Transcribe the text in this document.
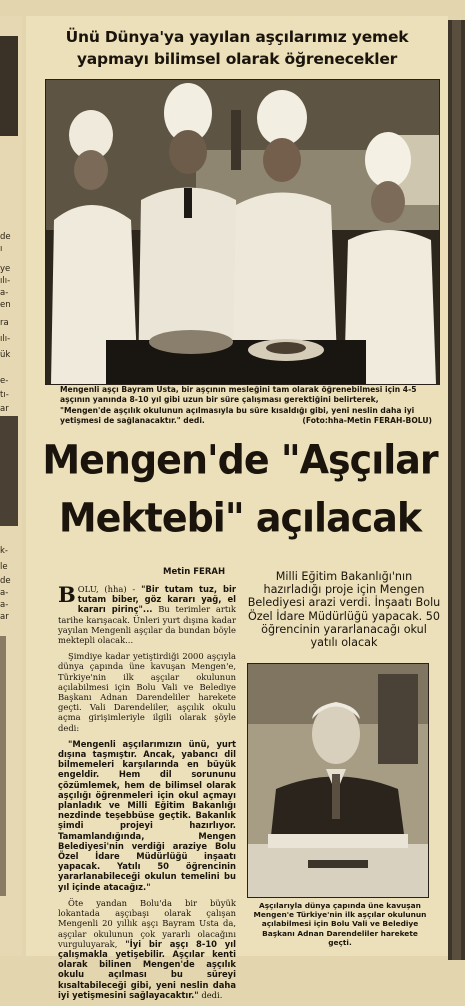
de
ı
ye
ılı-
a-
en
ra
ılı-
ük
e-
tı-
ar
k-
le
de
a-
a-
ar
Ünü Dünya'ya yayılan aşçılarımız yemek
yapmayı bilimsel olarak öğrenecekler
Mengenli aşçı Bayram Usta, bir aşçının mesleğini tam olarak öğrenebilmesi için 4-5 aşçının yanında 8-10 yıl gibi uzun bir süre çalışması gerektiğini belirterek, "Mengen'de aşçılık okulunun açılmasıyla bu süre kısaldığı gibi, yeni neslin daha iyi yetişmesi de sağlanacaktır." dedi.	(Foto:hha-Metin FERAH-BOLU)
Mengen'de "Aşçılar
Mektebi" açılacak
Metin FERAH

BOLU, (hha) - "Bir tutam tuz, bir tutam biber, göz kararı yağ, el kararı pirinç"... Bu terimler artık tarihe karışacak. Ünleri yurt dışına kadar yayılan Mengenli aşçılar da bundan böyle mektepli olacak...

Şimdiye kadar yetiştirdiği 2000 aşçıyla dünya çapında üne kavuşan Mengen'e, Türkiye'nin ilk aşçılar okulunun açılabilmesi için Bolu Vali ve Belediye Başkanı Adnan Darendeliler harekete geçti. Vali Darendeliler, aşçılık okulu açma girişimleriyle ilgili olarak şöyle dedi:

"Mengenli aşçılarımızın ünü, yurt dışına taşmıştır. Ancak, yabancı dil bilmemeleri karşılarında en büyük engeldir. Hem dil sorununu çözümlemek, hem de bilimsel olarak aşçılığı öğrenmeleri için okul açmayı planladık ve Milli Eğitim Bakanlığı nezdinde teşebbüse geçtik. Bakanlık şimdi projeyi hazırlıyor. Tamamlandığında, Mengen Belediyesi'nin verdiği araziye Bolu Özel İdare Müdürlüğü inşaatı yapacak. Yatılı 50 öğrencinin yararlanabileceği okulun temelini bu yıl içinde atacağız."

Öte yandan Bolu'da bir büyük lokantada aşçıbaşı olarak çalışan Mengenli 20 yıllık aşçı Bayram Usta da, aşçılar okulunun çok yararlı olacağını vurguluyarak, "İyi bir aşçı 8-10 yıl çalışmakla yetişebilir. Aşçılar kenti olarak bilinen Mengen'de aşçılık okulu açılması bu süreyi kısaltabileceği gibi, yeni neslin daha iyi yetişmesini sağlayacaktır." dedi.

Milli Eğitim Bakanlığı'nın hazırladığı proje için Mengen Belediyesi arazi verdi. İnşaatı Bolu Özel İdare Müdürlüğü yapacak. 50 öğrencinin yararlanacağı okul yatılı olacak
Aşçılarıyla dünya çapında üne kavuşan Mengen'e Türkiye'nin ilk aşçılar okulunun açılabilmesi için Bolu Vali ve Belediye Başkanı Adnan Darendeliler harekete geçti.
